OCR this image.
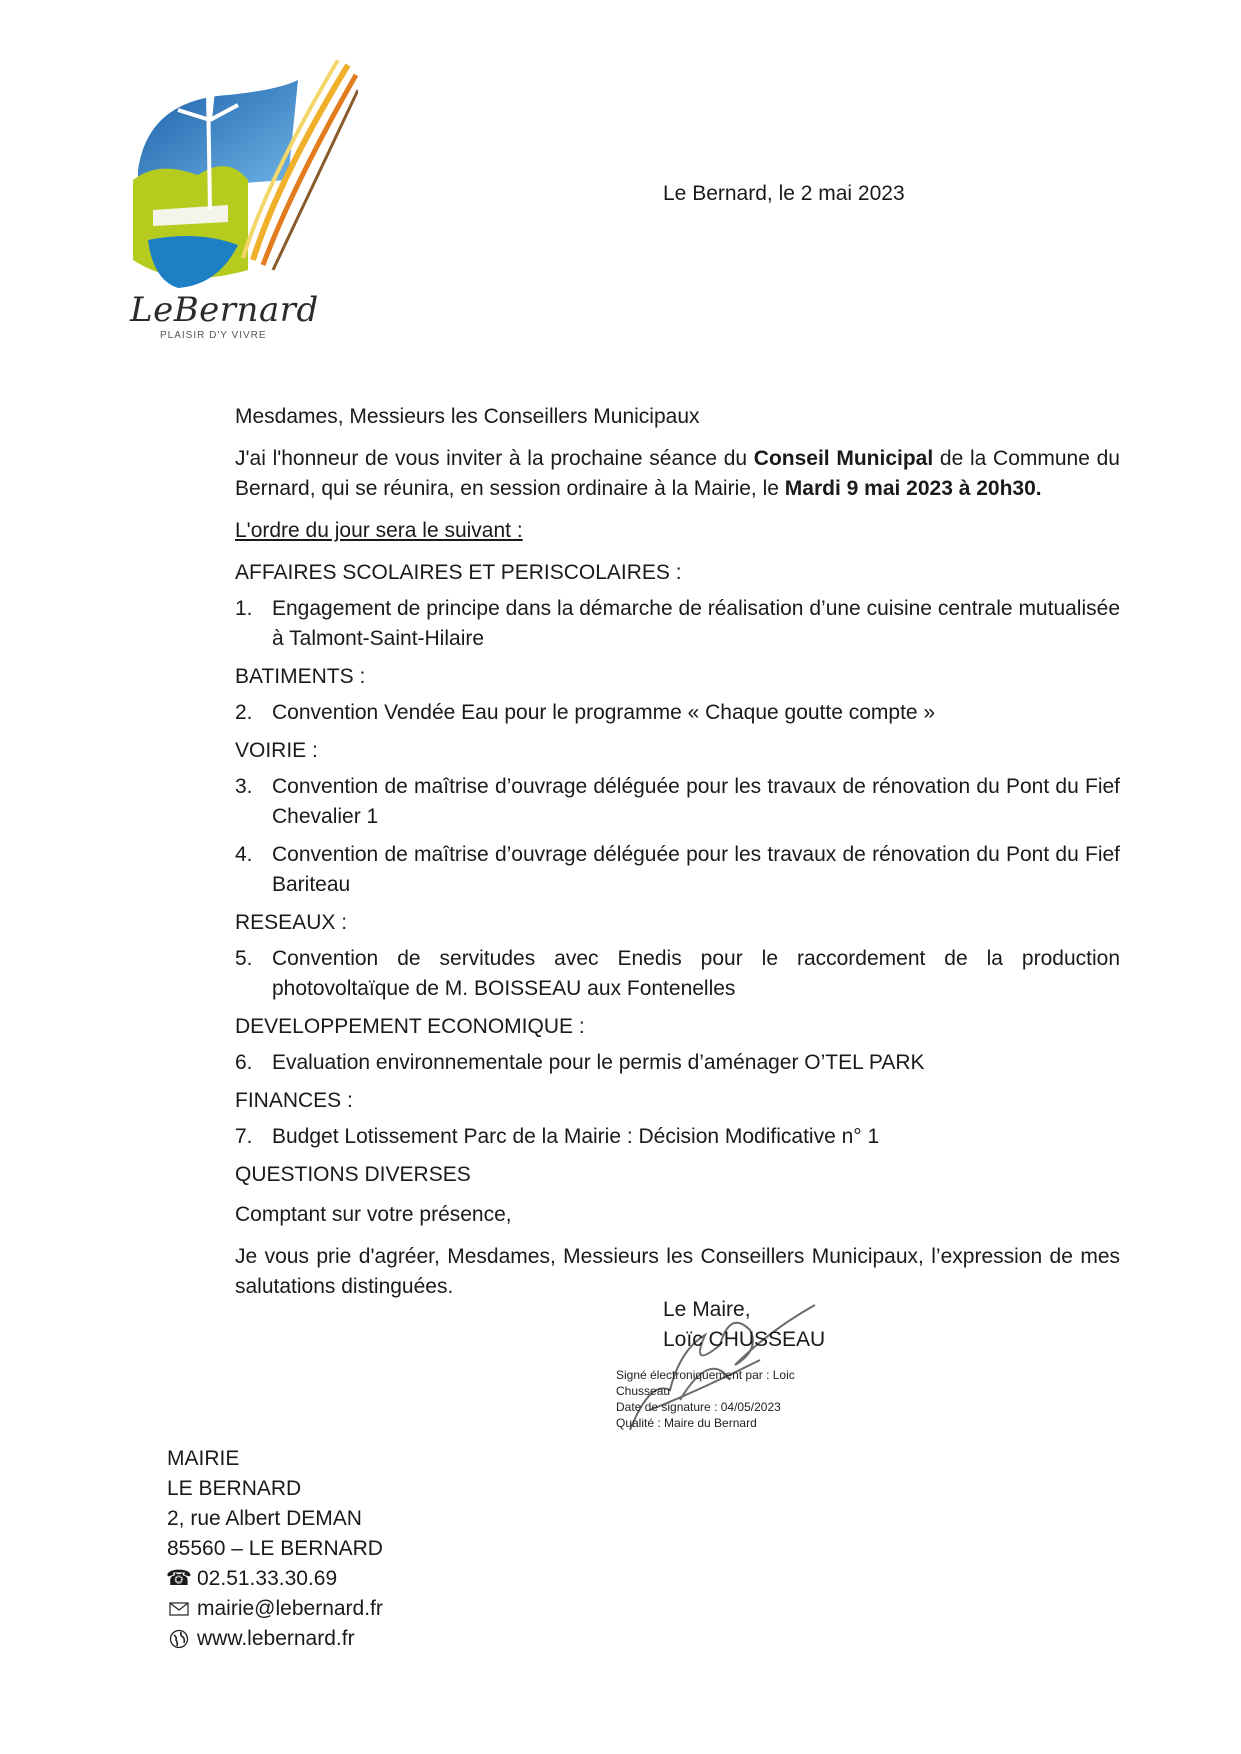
LeBernard
PLAISIR D'Y VIVRE
Le Bernard, le 2 mai 2023

Mesdames, Messieurs les Conseillers Municipaux

J'ai l'honneur de vous inviter à la prochaine séance du Conseil Municipal de la Commune du Bernard, qui se réunira, en session ordinaire à la Mairie, le Mardi 9 mai 2023 à 20h30.

L'ordre du jour sera le suivant :

AFFAIRES SCOLAIRES ET PERISCOLAIRES :
1. Engagement de principe dans la démarche de réalisation d’une cuisine centrale mutualisée à Talmont-Saint-Hilaire
BATIMENTS :
2. Convention Vendée Eau pour le programme « Chaque goutte compte »
VOIRIE :
3. Convention de maîtrise d’ouvrage déléguée pour les travaux de rénovation du Pont du Fief Chevalier 1
4. Convention de maîtrise d’ouvrage déléguée pour les travaux de rénovation du Pont du Fief Bariteau
RESEAUX :
5. Convention de servitudes avec Enedis pour le raccordement de la production photovoltaïque de M. BOISSEAU aux Fontenelles
DEVELOPPEMENT ECONOMIQUE :
6. Evaluation environnementale pour le permis d’aménager O’TEL PARK
FINANCES :
7. Budget Lotissement Parc de la Mairie : Décision Modificative n° 1
QUESTIONS DIVERSES

Comptant sur votre présence,

Je vous prie d'agréer, Mesdames, Messieurs les Conseillers Municipaux, l’expression de mes salutations distinguées.

Le Maire,
Loïc CHUSSEAU
Signé électroniquement par : Loic
Chusseau
Date de signature : 04/05/2023
Qualité : Maire du Bernard
MAIRIE
LE BERNARD
2, rue Albert DEMAN
85560 – LE BERNARD
☎ 02.51.33.30.69
mairie@lebernard.fr
www.lebernard.fr
